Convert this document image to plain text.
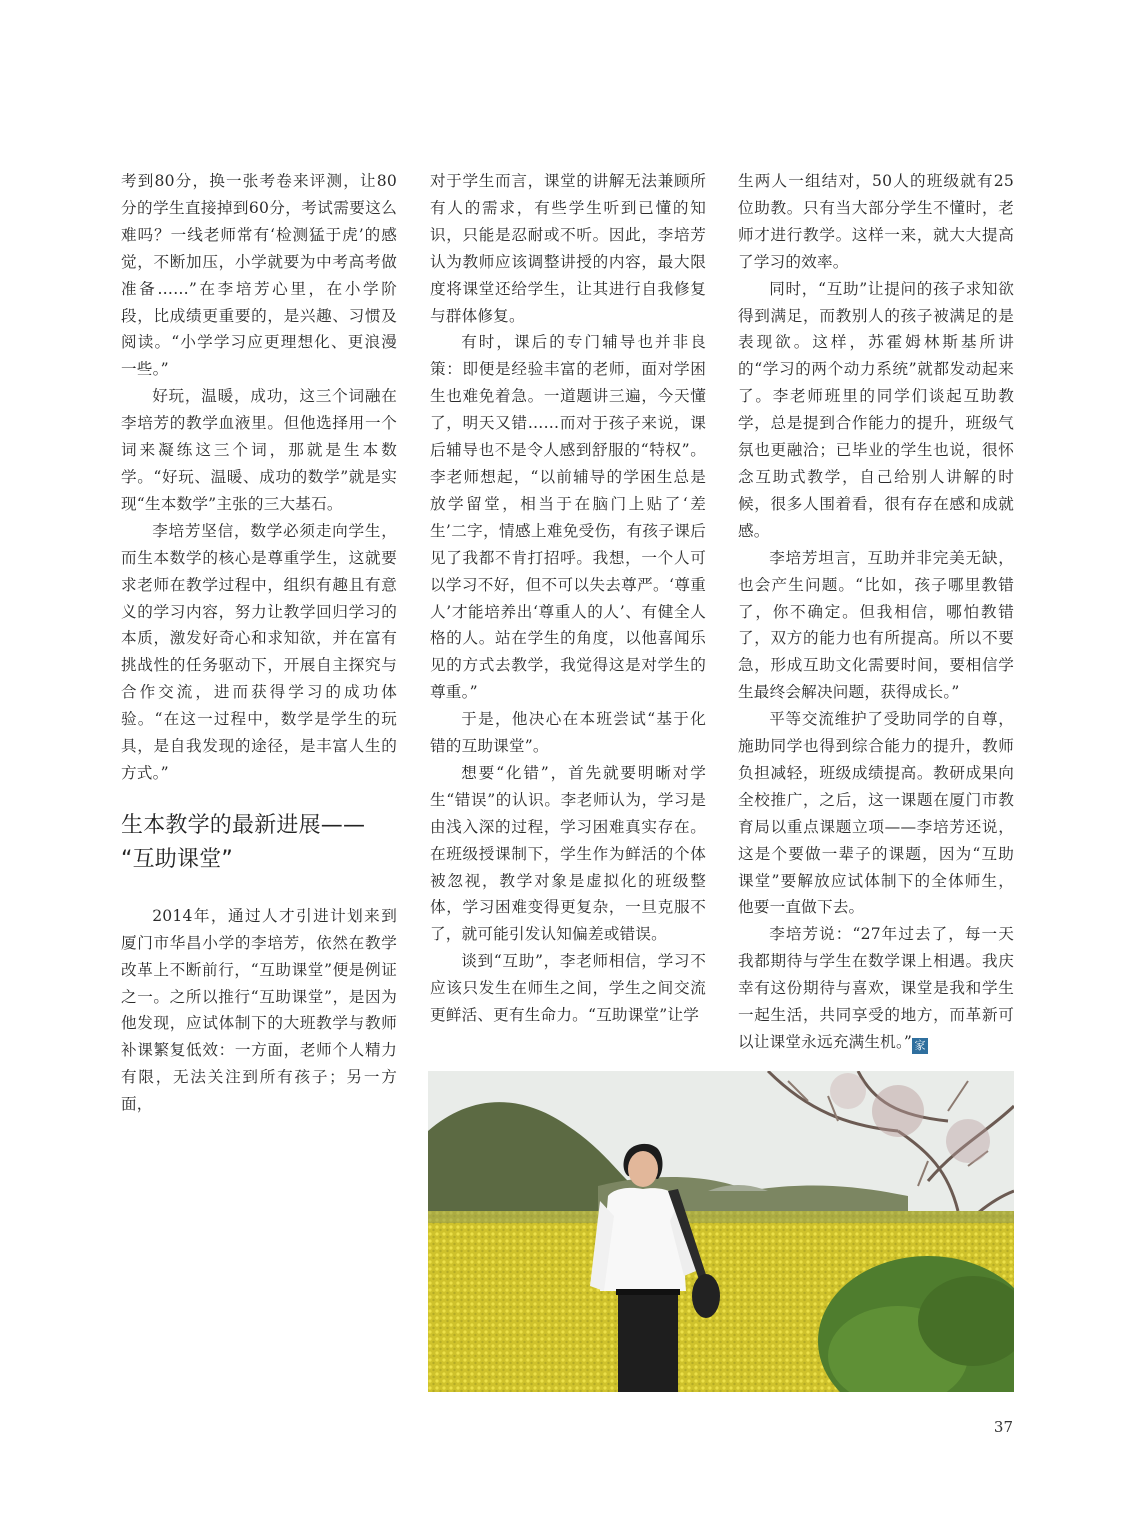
考到80分，换一张考卷来评测，让80分的学生直接掉到60分，考试需要这么难吗？一线老师常有‘检测猛于虎’的感觉，不断加压，小学就要为中考高考做准备……”在李培芳心里，在小学阶段，比成绩更重要的，是兴趣、习惯及阅读。“小学学习应更理想化、更浪漫一些。”

好玩，温暖，成功，这三个词融在李培芳的教学血液里。但他选择用一个词来凝练这三个词，那就是生本数学。“好玩、温暖、成功的数学”就是实现“生本数学”主张的三大基石。

李培芳坚信，数学必须走向学生，而生本数学的核心是尊重学生，这就要求老师在教学过程中，组织有趣且有意义的学习内容，努力让教学回归学习的本质，激发好奇心和求知欲，并在富有挑战性的任务驱动下，开展自主探究与合作交流，进而获得学习的成功体验。“在这一过程中，数学是学生的玩具，是自我发现的途径，是丰富人生的方式。”

生本教学的最新进展——
“互助课堂”

2014年，通过人才引进计划来到厦门市华昌小学的李培芳，依然在教学改革上不断前行，“互助课堂”便是例证之一。之所以推行“互助课堂”，是因为他发现，应试体制下的大班教学与教师补课繁复低效：一方面，老师个人精力有限，无法关注到所有孩子；另一方面，

对于学生而言，课堂的讲解无法兼顾所有人的需求，有些学生听到已懂的知识，只能是忍耐或不听。因此，李培芳认为教师应该调整讲授的内容，最大限度将课堂还给学生，让其进行自我修复与群体修复。

有时，课后的专门辅导也并非良策：即便是经验丰富的老师，面对学困生也难免着急。一道题讲三遍，今天懂了，明天又错……而对于孩子来说，课后辅导也不是令人感到舒服的“特权”。李老师想起，“以前辅导的学困生总是放学留堂，相当于在脑门上贴了‘差生’二字，情感上难免受伤，有孩子课后见了我都不肯打招呼。我想，一个人可以学习不好，但不可以失去尊严。‘尊重人’才能培养出‘尊重人的人’、有健全人格的人。站在学生的角度，以他喜闻乐见的方式去教学，我觉得这是对学生的尊重。”

于是，他决心在本班尝试“基于化错的互助课堂”。

想要“化错”，首先就要明晰对学生“错误”的认识。李老师认为，学习是由浅入深的过程，学习困难真实存在。在班级授课制下，学生作为鲜活的个体被忽视，教学对象是虚拟化的班级整体，学习困难变得更复杂，一旦克服不了，就可能引发认知偏差或错误。

谈到“互助”，李老师相信，学习不应该只发生在师生之间，学生之间交流更鲜活、更有生命力。“互助课堂”让学

生两人一组结对，50人的班级就有25位助教。只有当大部分学生不懂时，老师才进行教学。这样一来，就大大提高了学习的效率。

同时，“互助”让提问的孩子求知欲得到满足，而教别人的孩子被满足的是表现欲。这样，苏霍姆林斯基所讲的“学习的两个动力系统”就都发动起来了。李老师班里的同学们谈起互助教学，总是提到合作能力的提升，班级气氛也更融洽；已毕业的学生也说，很怀念互助式教学，自己给别人讲解的时候，很多人围着看，很有存在感和成就感。

李培芳坦言，互助并非完美无缺，也会产生问题。“比如，孩子哪里教错了，你不确定。但我相信，哪怕教错了，双方的能力也有所提高。所以不要急，形成互助文化需要时间，要相信学生最终会解决问题，获得成长。”

平等交流维护了受助同学的自尊，施助同学也得到综合能力的提升，教师负担减轻，班级成绩提高。教研成果向全校推广，之后，这一课题在厦门市教育局以重点课题立项——李培芳还说，这是个要做一辈子的课题，因为“互助课堂”要解放应试体制下的全体师生，他要一直做下去。

李培芳说：“27年过去了，每一天我都期待与学生在数学课上相遇。我庆幸有这份期待与喜欢，课堂是我和学生一起生活，共同享受的地方，而革新可以让课堂永远充满生机。” 家

37
